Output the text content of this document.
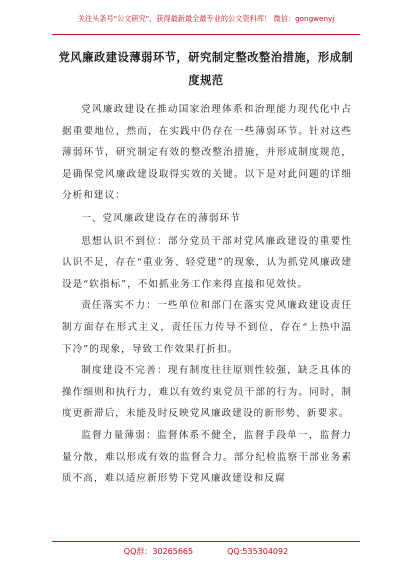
关注头条号"公文研究"，获得最新最全最专业的公文资料库！ 微信：gongwenyj
党风廉政建设薄弱环节，研究制定整改整治措施，形成制度规范

党风廉政建设在推动国家治理体系和治理能力现代化中占据重要地位，然而，在实践中仍存在一些薄弱环节。针对这些薄弱环节，研究制定有效的整改整治措施，并形成制度规范，是确保党风廉政建设取得实效的关键。以下是对此问题的详细分析和建议：

一、党风廉政建设存在的薄弱环节

思想认识不到位：部分党员干部对党风廉政建设的重要性认识不足，存在“重业务、轻党建”的现象，认为抓党风廉政建设是“软指标”，不如抓业务工作来得直接和见效快。

责任落实不力：一些单位和部门在落实党风廉政建设责任制方面存在形式主义，责任压力传导不到位，存在“上热中温下冷”的现象，导致工作效果打折扣。

制度建设不完善：现有制度往往原则性较强，缺乏具体的操作细则和执行力，难以有效约束党员干部的行为。同时，制度更新滞后，未能及时反映党风廉政建设的新形势、新要求。

监督力量薄弱：监督体系不健全，监督手段单一，监督力量分散，难以形成有效的监督合力。部分纪检监察干部业务素质不高，难以适应新形势下党风廉政建设和反腐

QQ群：30265665	QQ:535304092
